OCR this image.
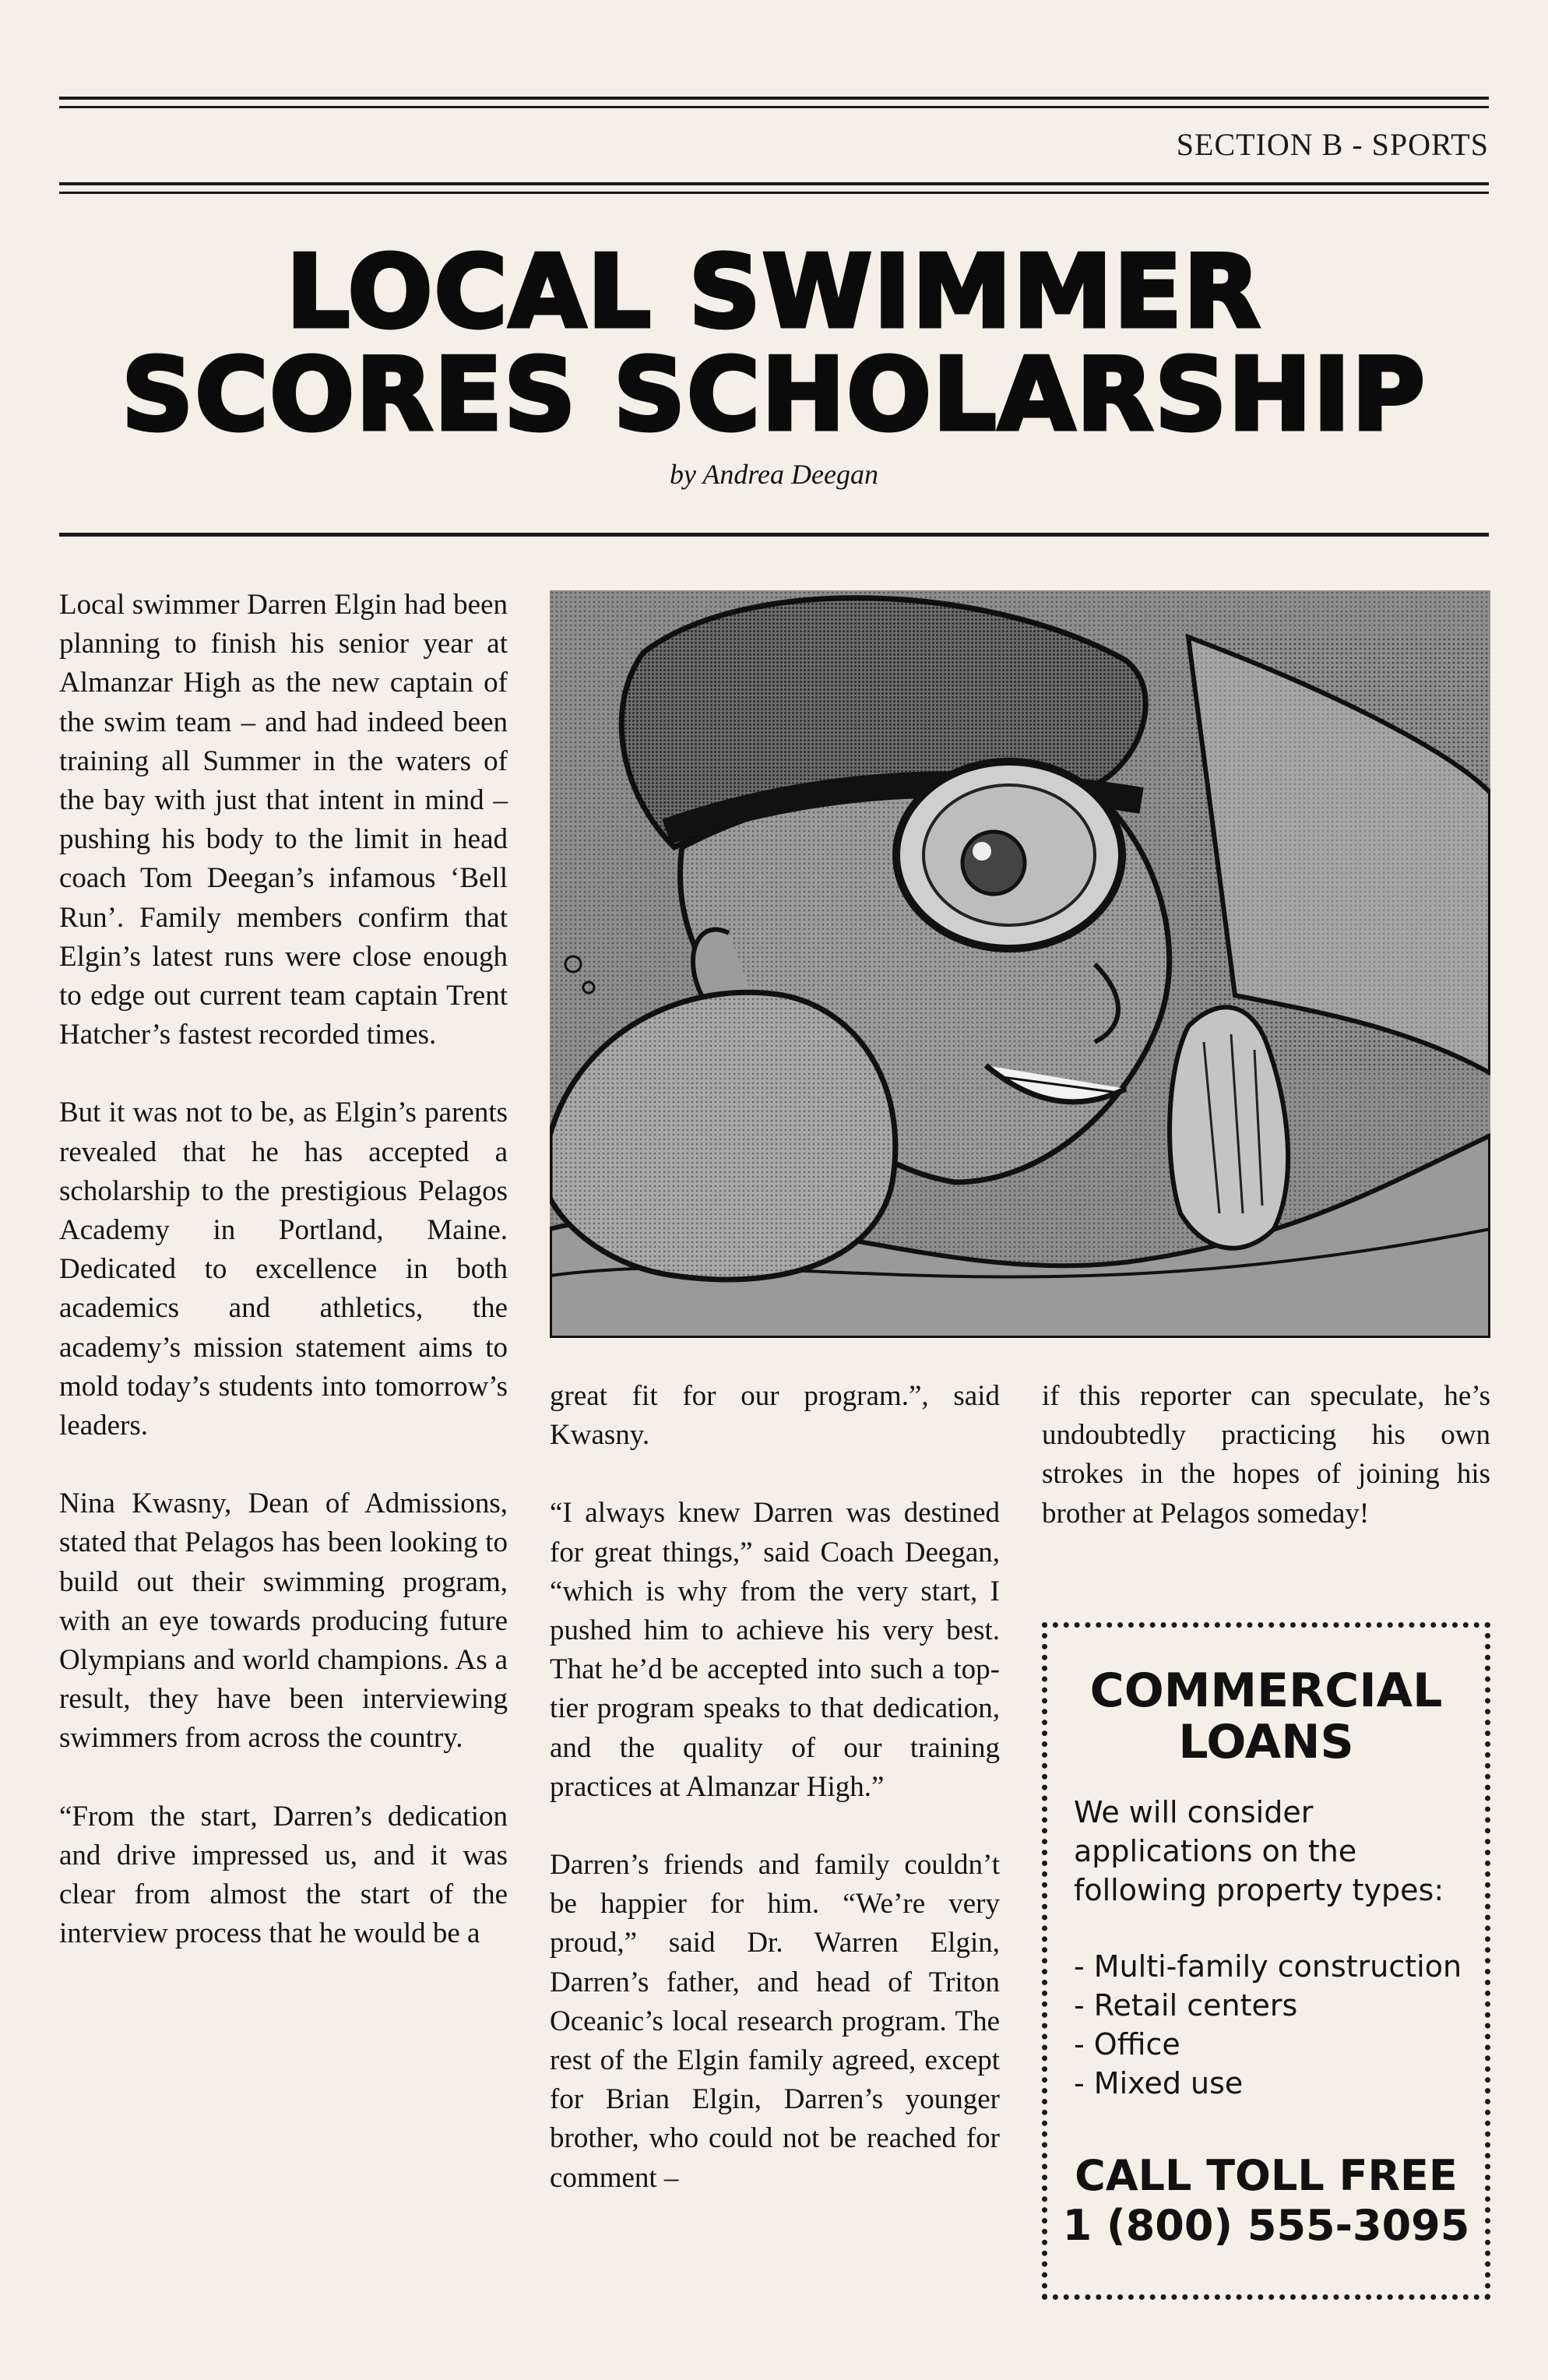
SECTION B - SPORTS
LOCAL SWIMMER
SCORES SCHOLARSHIP
by Andrea Deegan

Local swimmer Darren Elgin had been planning to finish his senior year at Almanzar High as the new captain of the swim team – and had indeed been training all Summer in the waters of the bay with just that intent in mind – pushing his body to the limit in head coach Tom Deegan’s infamous ‘Bell Run’. Family members confirm that Elgin’s latest runs were close enough to edge out current team captain Trent Hatcher’s fastest recorded times.

But it was not to be, as Elgin’s parents revealed that he has accepted a scholarship to the prestigious Pelagos Academy in Portland, Maine. Dedicated to excellence in both academics and athletics, the academy’s mission statement aims to mold today’s students into tomorrow’s leaders.

Nina Kwasny, Dean of Admissions, stated that Pelagos has been looking to build out their swimming program, with an eye towards producing future Olympians and world champions. As a result, they have been interviewing swimmers from across the country.

“From the start, Darren’s dedication and drive impressed us, and it was clear from almost the start of the interview process that he would be a

great fit for our program.”, said Kwasny.

“I always knew Darren was destined for great things,” said Coach Deegan, “which is why from the very start, I pushed him to achieve his very best. That he’d be accepted into such a top-tier program speaks to that dedication, and the quality of our training practices at Almanzar High.”

Darren’s friends and family couldn’t be happier for him. “We’re very proud,” said Dr. Warren Elgin, Darren’s father, and head of Triton Oceanic’s local research program. The rest of the Elgin family agreed, except for Brian Elgin, Darren’s younger brother, who could not be reached for comment –

if this reporter can speculate, he’s undoubtedly practicing his own strokes in the hopes of joining his brother at Pelagos someday!

COMMERCIAL
LOANS
We will consider
applications on the
following property types:
- Multi-family construction
- Retail centers
- Office
- Mixed use
CALL TOLL FREE
1 (800) 555-3095
